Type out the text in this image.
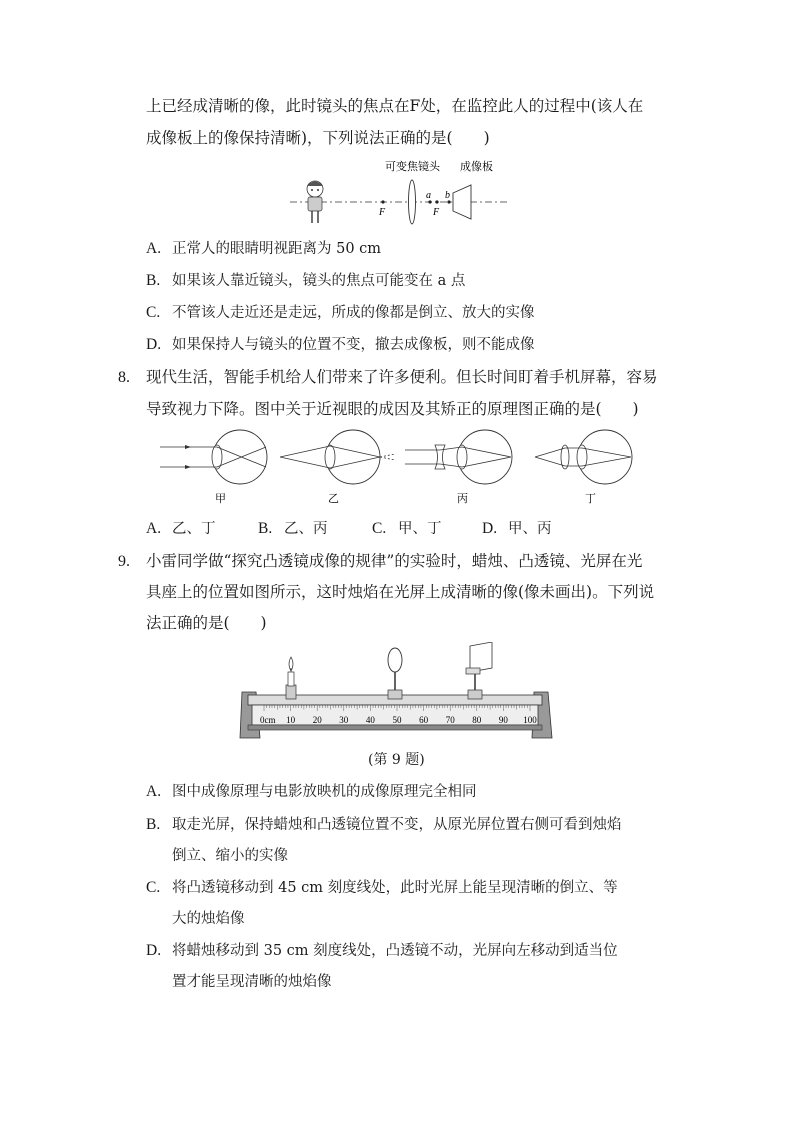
上已经成清晰的像，此时镜头的焦点在F处，在监控此人的过程中(该人在
成像板上的像保持清晰)，下列说法正确的是(　　)
可变焦镜头 成像板
F
a
F
b
A. 正常人的眼睛明视距离为 50 cm
B. 如果该人靠近镜头，镜头的焦点可能变在 a 点
C. 不管该人走近还是走远，所成的像都是倒立、放大的实像
D. 如果保持人与镜头的位置不变，撤去成像板，则不能成像
8. 现代生活，智能手机给人们带来了许多便利。但长时间盯着手机屏幕，容易
导致视力下降。图中关于近视眼的成因及其矫正的原理图正确的是(　　)
甲	乙	丙	丁
A. 乙、丁	B. 乙、丙	C. 甲、丁	D. 甲、丙
9. 小雷同学做“探究凸透镜成像的规律”的实验时，蜡烛、凸透镜、光屏在光
具座上的位置如图所示，这时烛焰在光屏上成清晰的像(像未画出)。下列说
法正确的是(　　)
0cm 10 20 30 40 50 60 70 80 90 100
(第 9 题)
A. 图中成像原理与电影放映机的成像原理完全相同
B. 取走光屏，保持蜡烛和凸透镜位置不变，从原光屏位置右侧可看到烛焰
倒立、缩小的实像
C. 将凸透镜移动到 45 cm 刻度线处，此时光屏上能呈现清晰的倒立、等
大的烛焰像
D. 将蜡烛移动到 35 cm 刻度线处，凸透镜不动，光屏向左移动到适当位
置才能呈现清晰的烛焰像
